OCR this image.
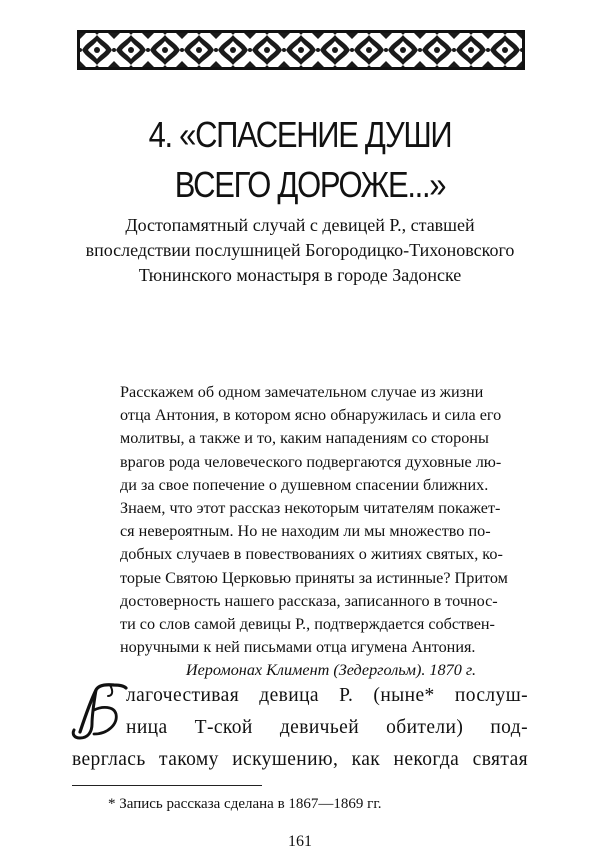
4. «СПАСЕНИЕ ДУШИ
ВСЕГО ДОРОЖЕ...»
Достопамятный случай с девицей Р., ставшей
впоследствии послушницей Богородицко-Тихоновского
Тюнинского монастыря в городе Задонске
Расскажем об одном замечательном случае из жизни
отца Антония, в котором ясно обнаружилась и сила его
молитвы, а также и то, каким нападениям со стороны
врагов рода человеческого подвергаются духовные лю-
ди за свое попечение о душевном спасении ближних.
Знаем, что этот рассказ некоторым читателям покажет-
ся невероятным. Но не находим ли мы множество по-
добных случаев в повествованиях о житиях святых, ко-
торые Святою Церковью приняты за истинные? Притом
достоверность нашего рассказа, записанного в точнос-
ти со слов самой девицы Р., подтверждается собствен-
норучными к ней письмами отца игумена Антония.
Иеромонах Климент (Зедергольм). 1870 г.
лагочестивая девица Р. (ныне* послуш-
ница Т-ской девичьей обители) под-
верглась такому искушению, как некогда святая
* Запись рассказа сделана в 1867—1869 гг.
161
